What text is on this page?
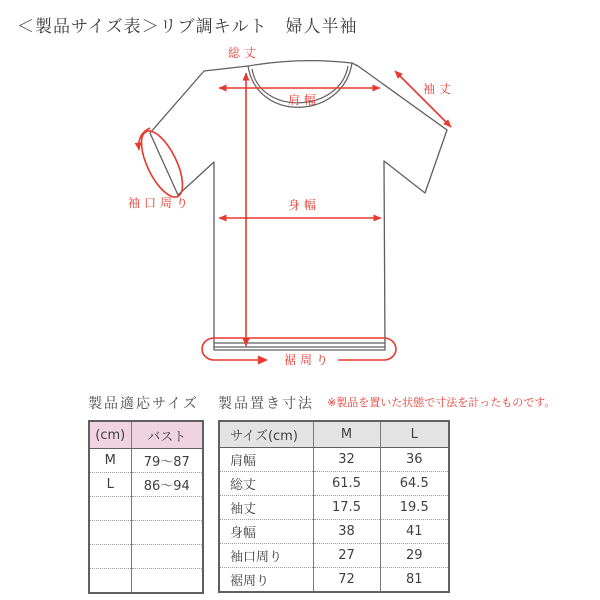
＜製品サイズ表＞リブ調キルト　婦人半袖
総丈
肩幅
袖丈
袖口周り	身幅
裾周り
製品適応サイズ
(cm)	バスト
M	79～87
L	86～94

製品置き寸法 ※製品を置いた状態で寸法を計ったものです。
サイズ(cm)	M	L
肩幅	32	36
総丈	61.5	64.5
袖丈	17.5	19.5
身幅	38	41
袖口周り	27	29
裾周り	72	81
